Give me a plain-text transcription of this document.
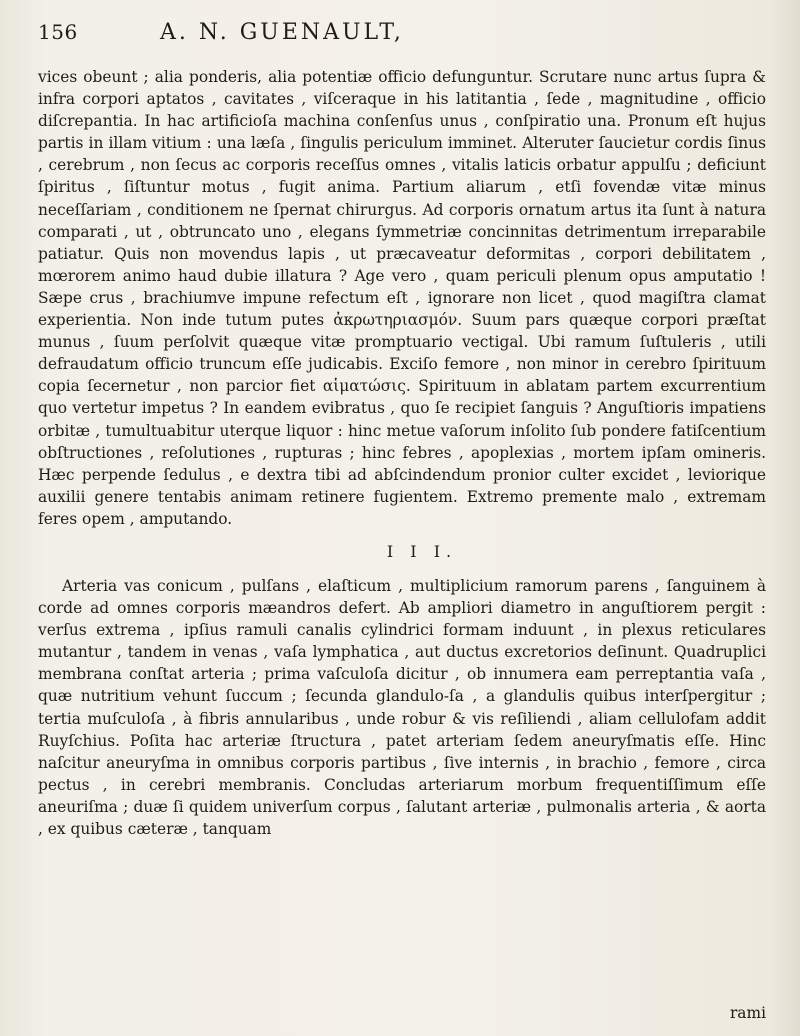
156	A. N. GUENAULT,

vices obeunt ; alia ponderis, alia potentiæ officio defunguntur. Scrutare nunc artus ſupra & infra corpori aptatos , cavitates , viſceraque in his latitantia , ſede , magnitudine , officio diſcrepantia. In hac artificioſa machina conſenſus unus , conſpiratio una. Pronum eſt hujus partis in illam vitium : una læſa , ſingulis periculum imminet. Alteruter ſaucietur cordis ſinus , cerebrum , non ſecus ac corporis receſſus omnes , vitalis laticis orbatur appulſu ; deficiunt ſpiritus , ſiſtuntur motus , fugit anima. Partium aliarum , etſi fovendæ vitæ minus neceſſariam , conditionem ne ſpernat chirurgus. Ad corporis ornatum artus ita ſunt à natura comparati , ut , obtruncato uno , elegans ſymmetriæ concinnitas detrimentum irreparabile patiatur. Quis non movendus lapis , ut præcaveatur deformitas , corpori debilitatem , mœrorem animo haud dubie illatura ? Age vero , quam periculi plenum opus amputatio ! Sæpe crus , brachiumve impune refectum eſt , ignorare non licet , quod magiſtra clamat experientia. Non inde tutum putes ἀκρωτηριασμόν. Suum pars quæque corpori præſtat munus , ſuum perſolvit quæque vitæ promptuario vectigal. Ubi ramum ſuſtuleris , utili defraudatum officio truncum eſſe judicabis. Exciſo femore , non minor in cerebro ſpirituum copia ſecernetur , non parcior fiet αἱματώσις. Spirituum in ablatam partem excurrentium quo vertetur impetus ? In eandem evibratus , quo ſe recipiet ſanguis ? Anguſtioris impatiens orbitæ , tumultuabitur uterque liquor : hinc metue vaſorum inſolito ſub pondere fatiſcentium obſtructiones , reſolutiones , rupturas ; hinc febres , apoplexias , mortem ipſam omineris. Hæc perpende ſedulus , e dextra tibi ad abſcindendum pronior culter excidet , leviorique auxilii genere tentabis animam retinere fugientem. Extremo premente malo , extremam feres opem , amputando.

I I I.

Arteria vas conicum , pulſans , elaſticum , multiplicium ramorum parens , ſanguinem à corde ad omnes corporis mæandros defert. Ab ampliori diametro in anguſtiorem pergit : verſus extrema , ipſius ramuli canalis cylindrici formam induunt , in plexus reticulares mutantur , tandem in venas , vaſa lymphatica , aut ductus excretorios deſinunt. Quadruplici membrana conſtat arteria ; prima vaſculoſa dicitur , ob innumera eam perreptantia vaſa , quæ nutritium vehunt ſuccum ; ſecunda glandulo-ſa , a glandulis quibus interſpergitur ; tertia muſculoſa , à fibris annularibus , unde robur & vis reſiliendi , aliam cellulofam addit Ruyſchius. Poſita hac arteriæ ſtructura , patet arteriam ſedem aneuryſmatis eſſe. Hinc naſcitur aneuryſma in omnibus corporis partibus , ſive internis , in brachio , femore , circa pectus , in cerebri membranis. Concludas arteriarum morbum frequentiſſimum eſſe aneuriſma ; duæ ſi quidem univerſum corpus , ſalutant arteriæ , pulmonalis arteria , & aorta , ex quibus cæteræ , tanquam

rami
